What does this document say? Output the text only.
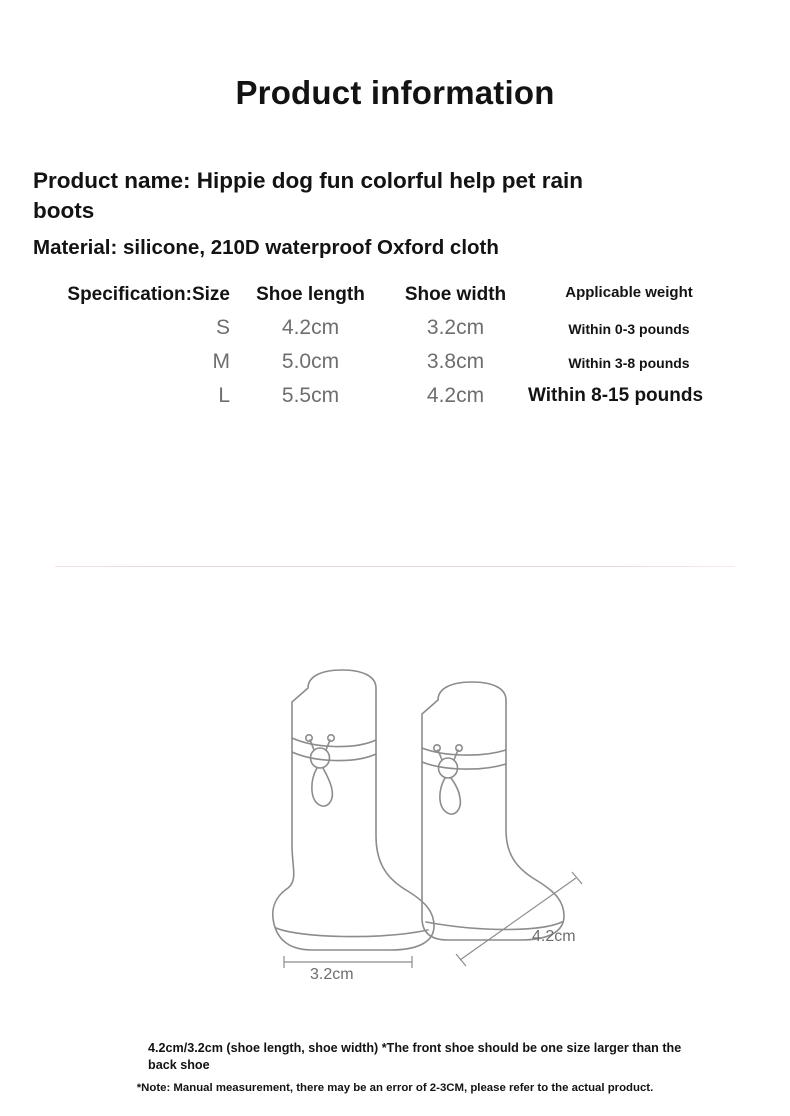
Product information
Product name: Hippie dog fun colorful help pet rain boots
Material: silicone, 210D waterproof Oxford cloth
Specification:Size	Shoe length	Shoe width	Applicable weight
S	4.2cm	3.2cm	Within 0-3 pounds
M	5.0cm	3.8cm	Within 3-8 pounds
L	5.5cm	4.2cm	Within 8-15 pounds
3.2cm
4.2cm
4.2cm/3.2cm (shoe length, shoe width) *The front shoe should be one size larger than the back shoe
*Note: Manual measurement, there may be an error of 2-3CM, please refer to the actual product.
